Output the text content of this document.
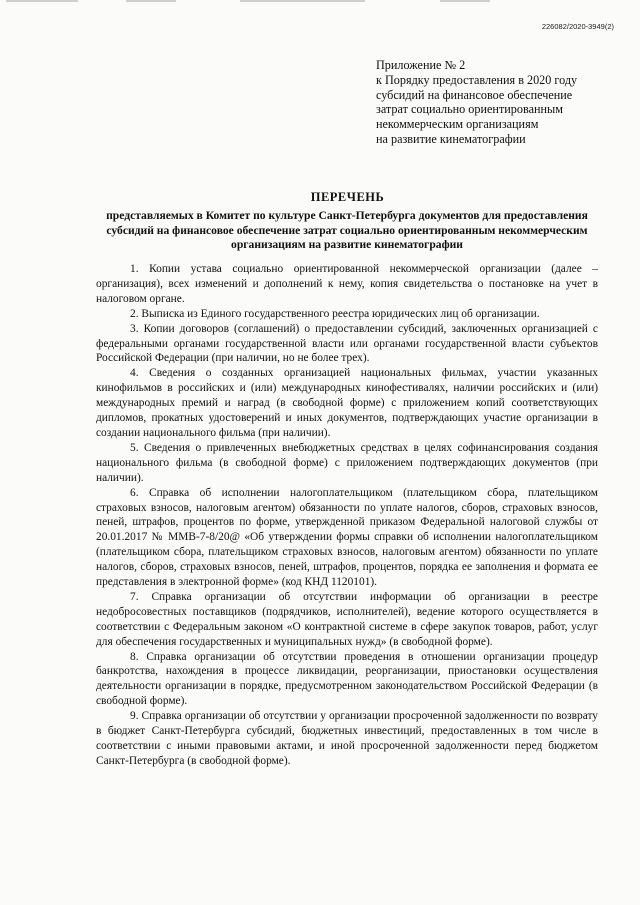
226082/2020-3949(2)
Приложение № 2
к Порядку предоставления в 2020 году
субсидий на финансовое обеспечение
затрат социально ориентированным
некоммерческим организациям
на развитие кинематографии
ПЕРЕЧЕНЬ
представляемых в Комитет по культуре Санкт-Петербурга документов для предоставления субсидий на финансовое обеспечение затрат социально ориентированным некоммерческим организациям на развитие кинематографии

1. Копии устава социально ориентированной некоммерческой организации (далее – организация), всех изменений и дополнений к нему, копия свидетельства о постановке на учет в налоговом органе.

2. Выписка из Единого государственного реестра юридических лиц об организации.

3. Копии договоров (соглашений) о предоставлении субсидий, заключенных организацией с федеральными органами государственной власти или органами государственной власти субъектов Российской Федерации (при наличии, но не более трех).

4. Сведения о созданных организацией национальных фильмах, участии указанных кинофильмов в российских и (или) международных кинофестивалях, наличии российских и (или) международных премий и наград (в свободной форме) с приложением копий соответствующих дипломов, прокатных удостоверений и иных документов, подтверждающих участие организации в создании национального фильма (при наличии).

5. Сведения о привлеченных внебюджетных средствах в целях софинансирования создания национального фильма (в свободной форме) с приложением подтверждающих документов (при наличии).

6. Справка об исполнении налогоплательщиком (плательщиком сбора, плательщиком страховых взносов, налоговым агентом) обязанности по уплате налогов, сборов, страховых взносов, пеней, штрафов, процентов по форме, утвержденной приказом Федеральной налоговой службы от 20.01.2017 № ММВ-7-8/20@ «Об утверждении формы справки об исполнении налогоплательщиком (плательщиком сбора, плательщиком страховых взносов, налоговым агентом) обязанности по уплате налогов, сборов, страховых взносов, пеней, штрафов, процентов, порядка ее заполнения и формата ее представления в электронной форме» (код КНД 1120101).

7. Справка организации об отсутствии информации об организации в реестре недобросовестных поставщиков (подрядчиков, исполнителей), ведение которого осуществляется в соответствии с Федеральным законом «О контрактной системе в сфере закупок товаров, работ, услуг для обеспечения государственных и муниципальных нужд» (в свободной форме).

8. Справка организации об отсутствии проведения в отношении организации процедур банкротства, нахождения в процессе ликвидации, реорганизации, приостановки осуществления деятельности организации в порядке, предусмотренном законодательством Российской Федерации (в свободной форме).

9. Справка организации об отсутствии у организации просроченной задолженности по возврату в бюджет Санкт-Петербурга субсидий, бюджетных инвестиций, предоставленных в том числе в соответствии с иными правовыми актами, и иной просроченной задолженности перед бюджетом Санкт-Петербурга (в свободной форме).
